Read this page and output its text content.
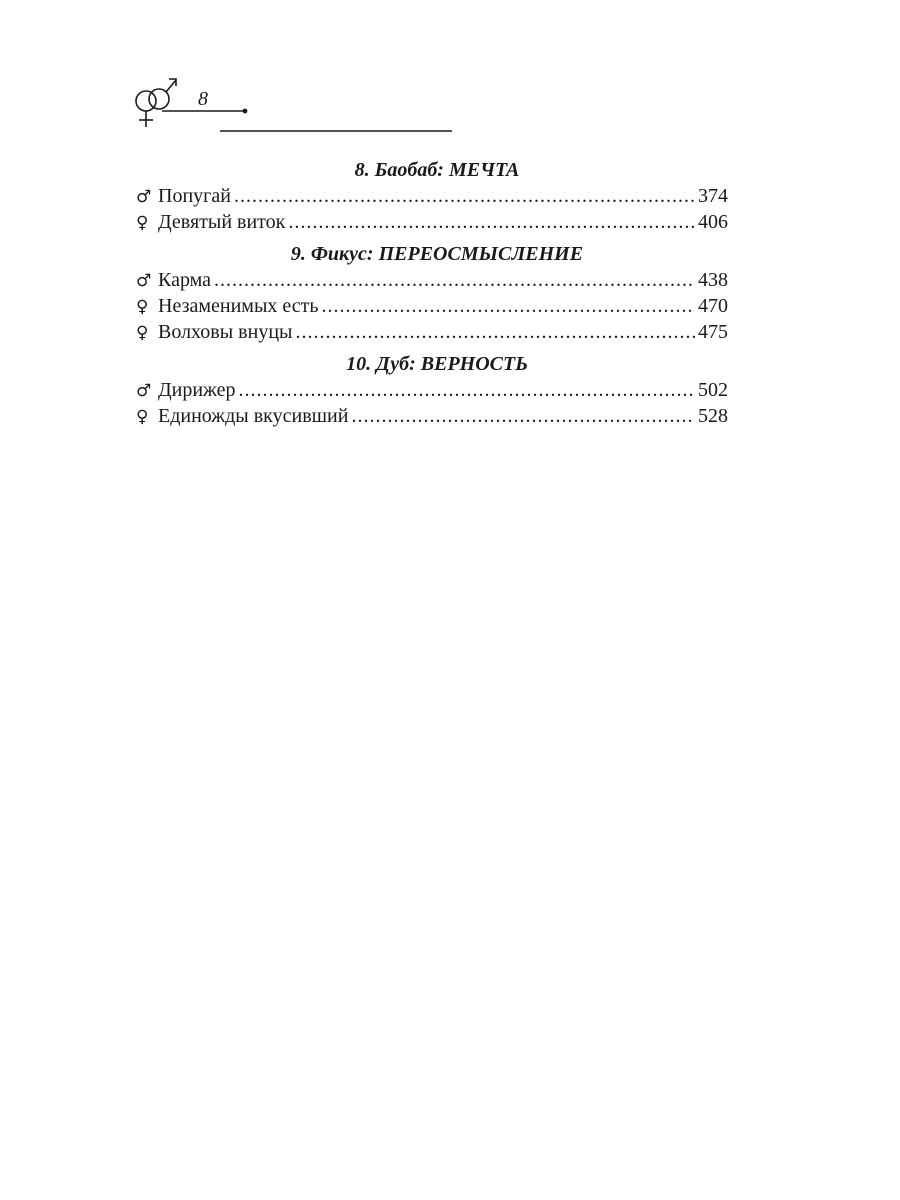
8
8. Баобаб: МЕЧТА
♂ Попугай .....	374
♀ Девятый виток .....	406
9. Фикус: ПЕРЕОСМЫСЛЕНИЕ
♂ Карма .....	438
♀ Незаменимых есть .....	470
♀ Волховы внуцы .....	475
10. Дуб: ВЕРНОСТЬ
♂ Дирижер .....	502
♀ Единожды вкусивший .....	528
